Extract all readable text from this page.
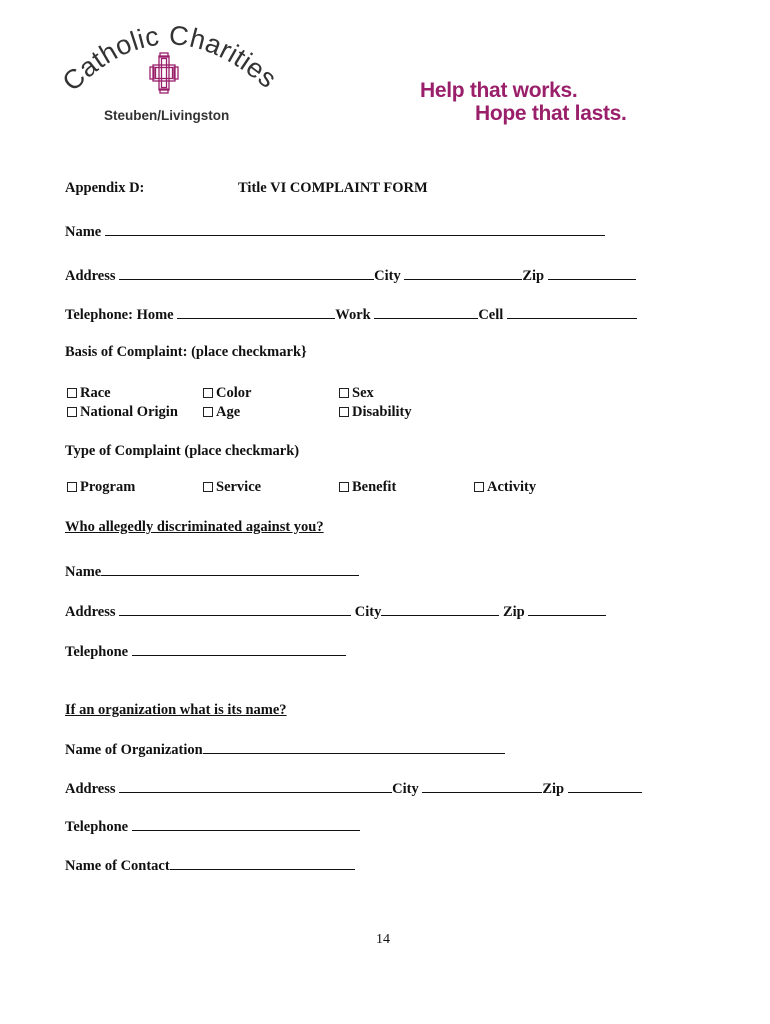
Catholic Charities
Steuben/Livingston
Help that works.
Hope that lasts.
Appendix D:	Title VI COMPLAINT FORM
Name
Address	City	Zip
Telephone: Home	Work	Cell
Basis of Complaint: (place checkmark}
Race	Color	Sex
National Origin	Age	Disability
Type of Complaint (place checkmark)
Program	Service	Benefit	Activity
Who allegedly discriminated against you?
Name
Address	City	Zip
Telephone
If an organization what is its name?
Name of Organization
Address	City	Zip
Telephone
Name of Contact
14
